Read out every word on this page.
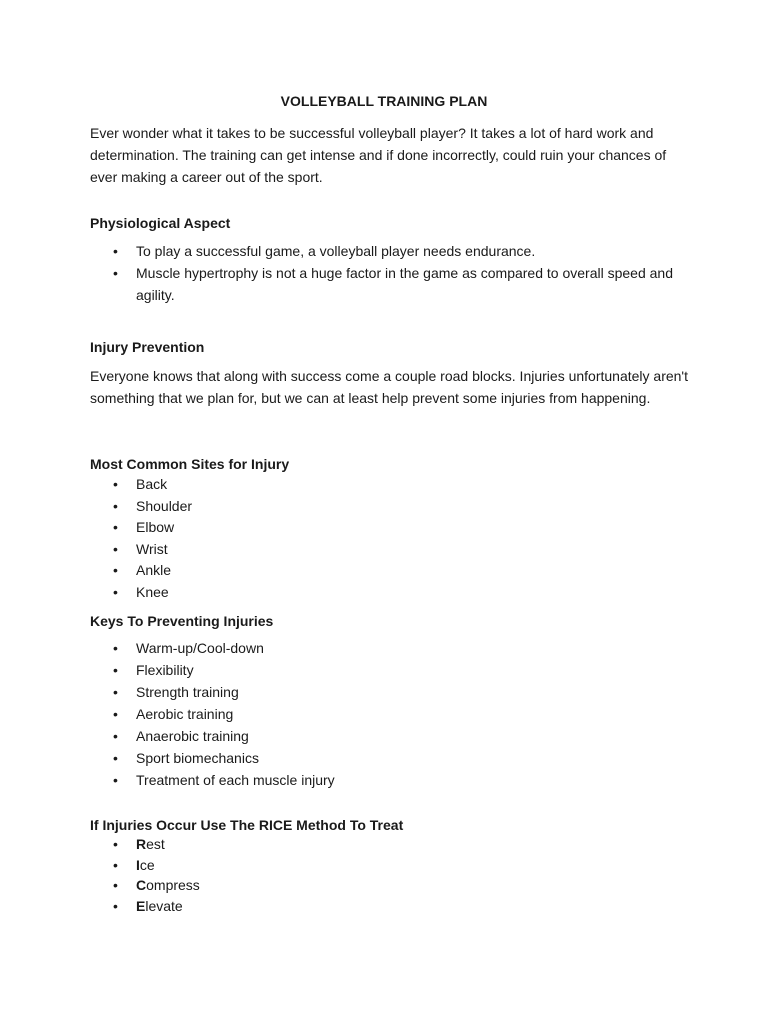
VOLLEYBALL TRAINING PLAN
Ever wonder what it takes to be successful volleyball player? It takes a lot of hard work and determination. The training can get intense and if done incorrectly, could ruin your chances of ever making a career out of the sport.
Physiological Aspect
• To play a successful game, a volleyball player needs endurance.
• Muscle hypertrophy is not a huge factor in the game as compared to overall speed and agility.
Injury Prevention
Everyone knows that along with success come a couple road blocks. Injuries unfortunately aren't something that we plan for, but we can at least help prevent some injuries from happening.
Most Common Sites for Injury
• Back
• Shoulder
• Elbow
• Wrist
• Ankle
• Knee
Keys To Preventing Injuries
• Warm-up/Cool-down
• Flexibility
• Strength training
• Aerobic training
• Anaerobic training
• Sport biomechanics
• Treatment of each muscle injury
If Injuries Occur Use The RICE Method To Treat
• Rest
• Ice
• Compress
• Elevate
